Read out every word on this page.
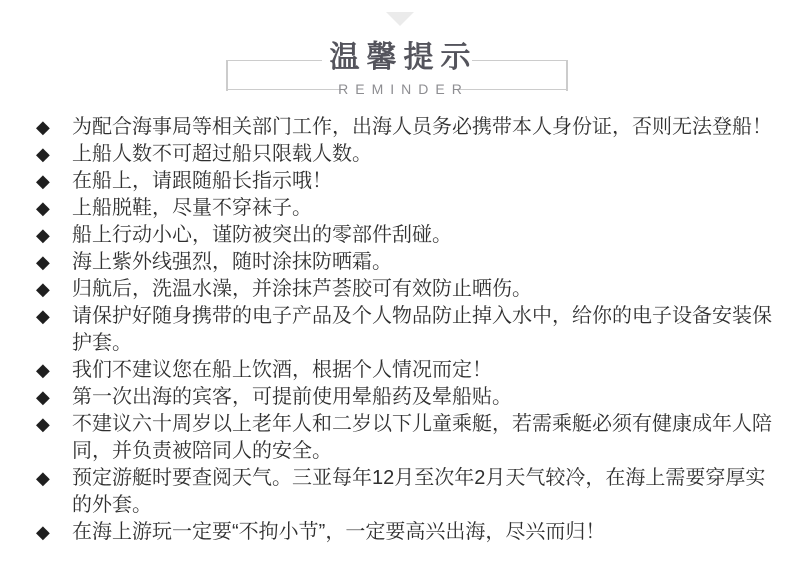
温馨提示
REMINDER
◆	为配合海事局等相关部门工作，出海人员务必携带本人身份证，否则无法登船！
◆	上船人数不可超过船只限载人数。
◆	在船上，请跟随船长指示哦！
◆	上船脱鞋，尽量不穿袜子。
◆	船上行动小心，谨防被突出的零部件刮碰。
◆	海上紫外线强烈，随时涂抹防晒霜。
◆	归航后，洗温水澡，并涂抹芦荟胶可有效防止晒伤。
◆	请保护好随身携带的电子产品及个人物品防止掉入水中，给你的电子设备安装保护套。
◆	我们不建议您在船上饮酒，根据个人情况而定！
◆	第一次出海的宾客，可提前使用晕船药及晕船贴。
◆	不建议六十周岁以上老年人和二岁以下儿童乘艇，若需乘艇必须有健康成年人陪同，并负责被陪同人的安全。
◆	预定游艇时要查阅天气。三亚每年12月至次年2月天气较冷，在海上需要穿厚实的外套。
◆	在海上游玩一定要“不拘小节”，一定要高兴出海，尽兴而归！
